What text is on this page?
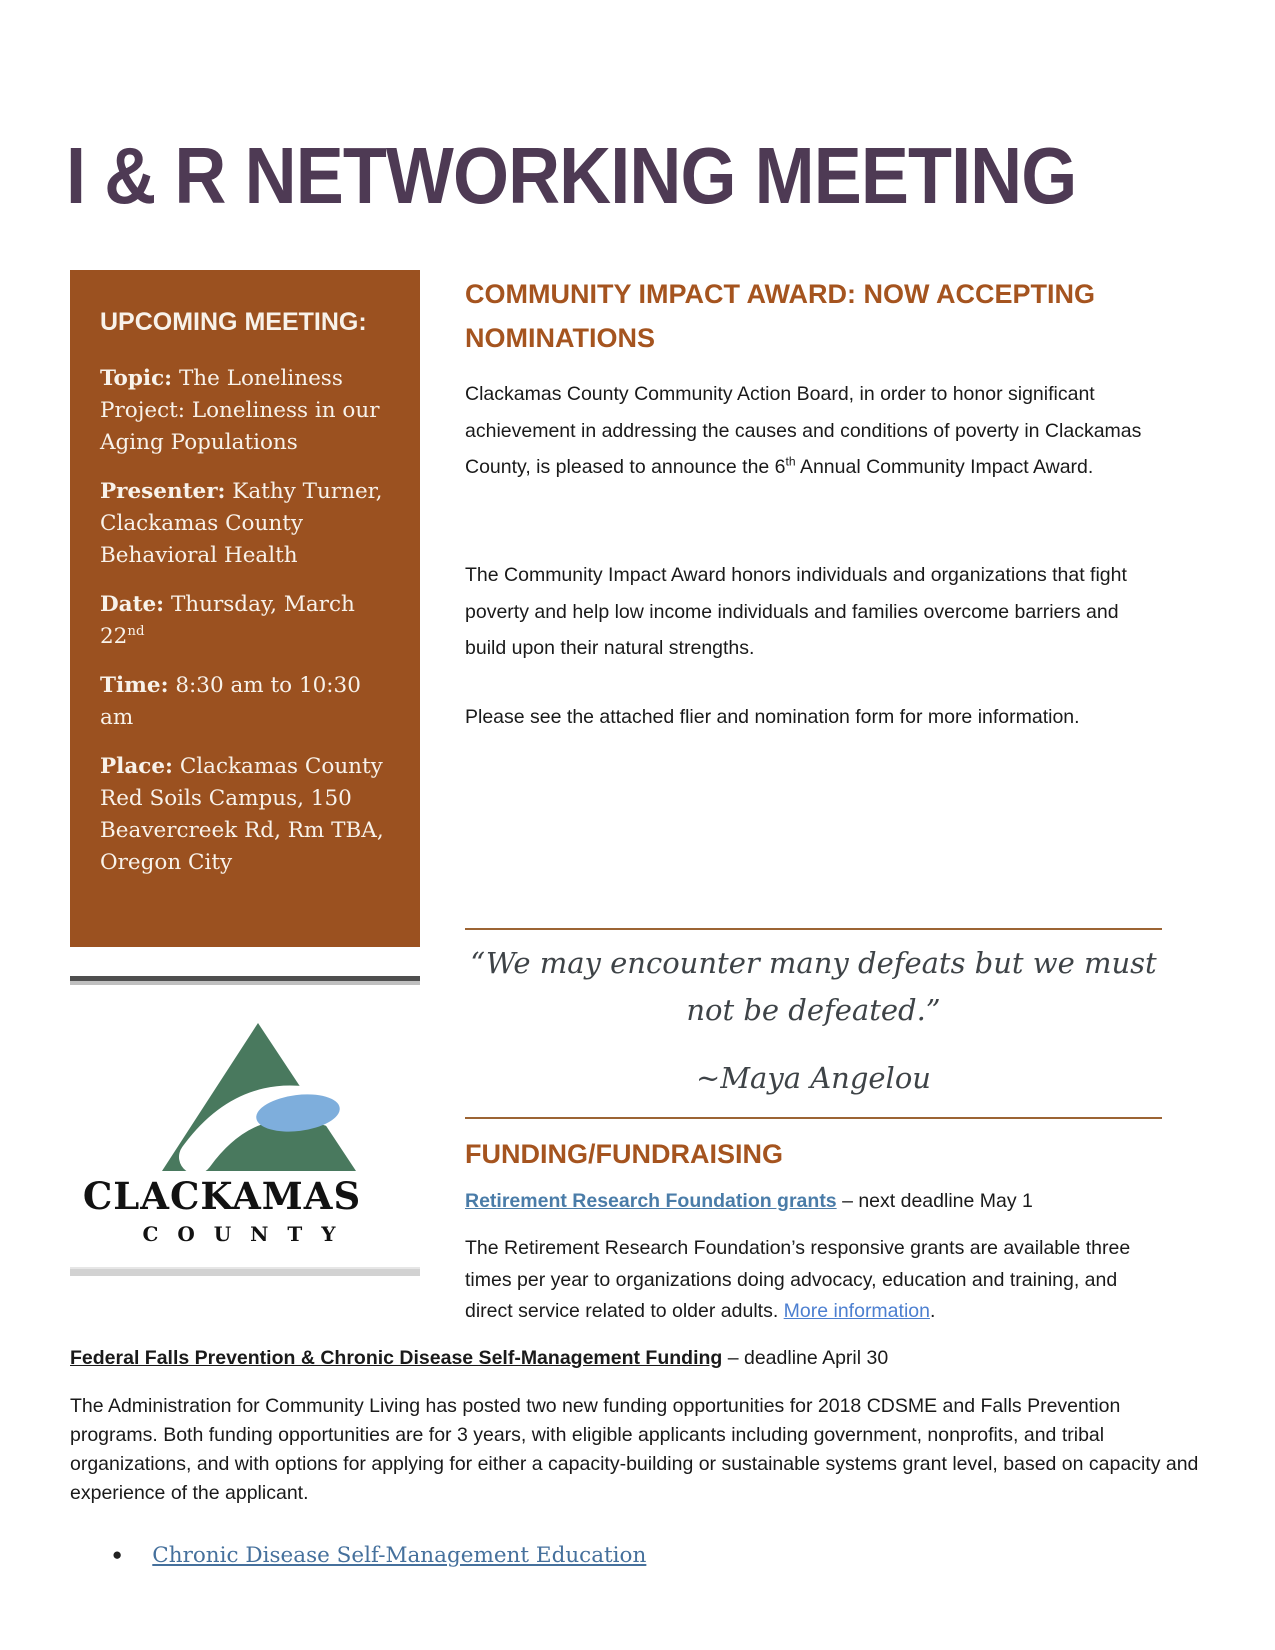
I & R NETWORKING MEETING
UPCOMING MEETING:

Topic: The Loneliness Project: Loneliness in our Aging Populations

Presenter: Kathy Turner, Clackamas County Behavioral Health

Date: Thursday, March 22nd

Time: 8:30 am to 10:30 am

Place: Clackamas County Red Soils Campus, 150 Beavercreek Rd, Rm TBA, Oregon City

CLACKAMAS
C O U N T Y
COMMUNITY IMPACT AWARD: NOW ACCEPTING NOMINATIONS

Clackamas County Community Action Board, in order to honor significant achievement in addressing the causes and conditions of poverty in Clackamas County, is pleased to announce the 6th Annual Community Impact Award.

The Community Impact Award honors individuals and organizations that fight poverty and help low income individuals and families overcome barriers and build upon their natural strengths.

Please see the attached flier and nomination form for more information.

“We may encounter many defeats but we must
not be defeated.”
~Maya Angelou
FUNDING/FUNDRAISING

Retirement Research Foundation grants – next deadline May 1

The Retirement Research Foundation’s responsive grants are available three times per year to organizations doing advocacy, education and training, and direct service related to older adults. More information.

Federal Falls Prevention & Chronic Disease Self-Management Funding – deadline April 30

The Administration for Community Living has posted two new funding opportunities for 2018 CDSME and Falls Prevention programs. Both funding opportunities are for 3 years, with eligible applicants including government, nonprofits, and tribal organizations, and with options for applying for either a capacity-building or sustainable systems grant level, based on capacity and experience of the applicant.

● Chronic Disease Self-Management Education
